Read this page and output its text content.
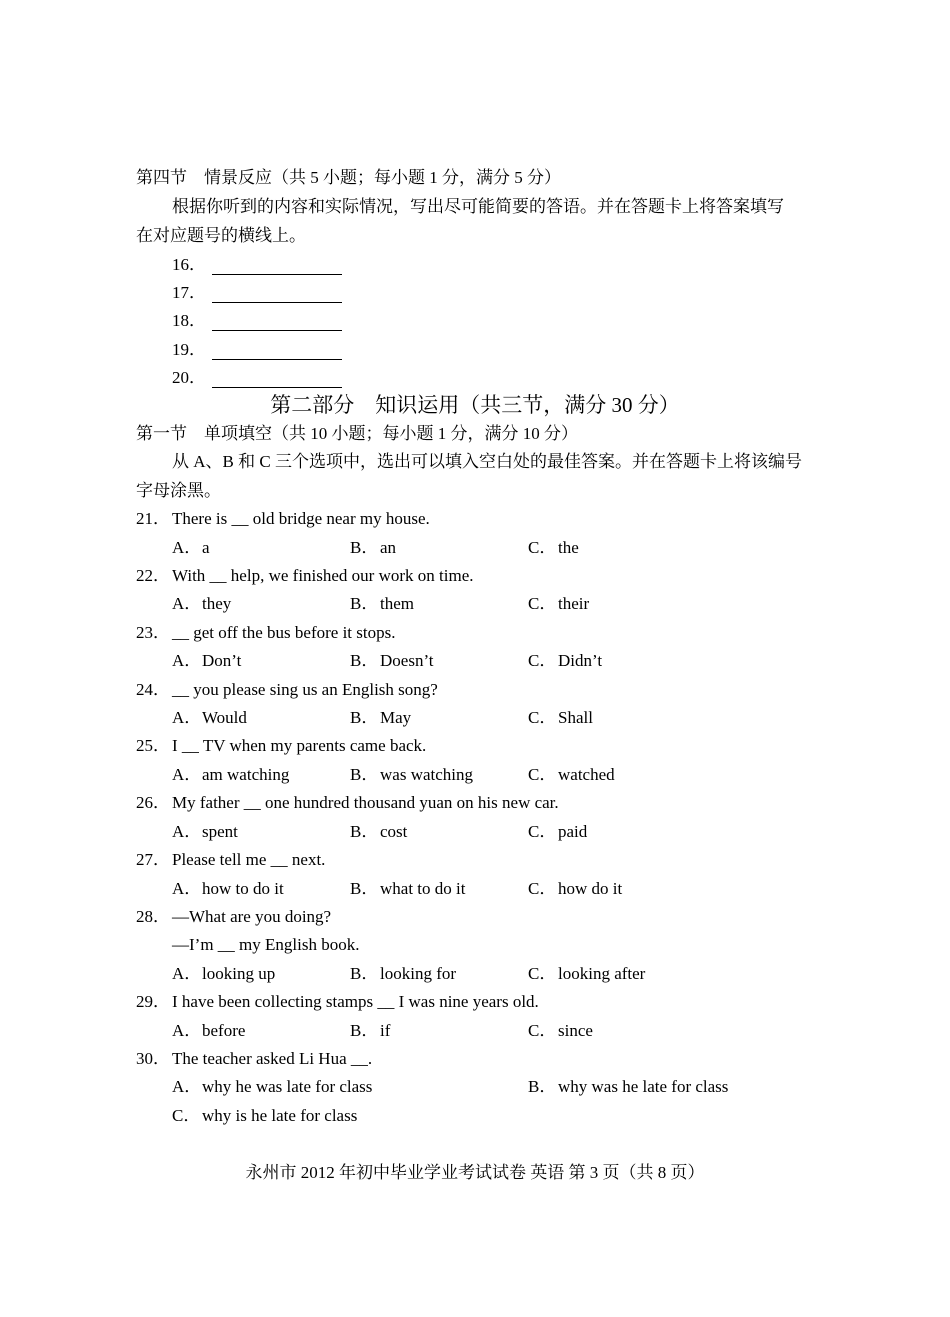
第四节　情景反应（共 5 小题；每小题 1 分，满分 5 分）
根据你听到的内容和实际情况，写出尽可能简要的答语。并在答题卡上将答案填写
在对应题号的横线上。
16．
17．
18．
19．
20．
第二部分　知识运用（共三节，满分 30 分）
第一节　单项填空（共 10 小题；每小题 1 分，满分 10 分）
从 A、B 和 C 三个选项中，选出可以填入空白处的最佳答案。并在答题卡上将该编号
字母涂黑。
21． There is __ old bridge near my house.
A．a	B．an	C．the
22． With __ help, we finished our work on time.
A．they	B．them	C．their
23． __ get off the bus before it stops.
A．Don’t	B．Doesn’t	C．Didn’t
24． __ you please sing us an English song?
A．Would	B．May	C．Shall
25． I __ TV when my parents came back.
A．am watching	B．was watching	C．watched
26． My father __ one hundred thousand yuan on his new car.
A．spent	B．cost	C．paid
27． Please tell me __ next.
A．how to do it	B．what to do it	C．how do it
28． —What are you doing?
—I’m __ my English book.
A．looking up	B．looking for	C．looking after
29． I have been collecting stamps __ I was nine years old.
A．before	B．if	C．since
30． The teacher asked Li Hua __.
A．why he was late for class	B．why was he late for class
C．why is he late for class
永州市 2012 年初中毕业学业考试试卷 英语 第 3 页（共 8 页）
